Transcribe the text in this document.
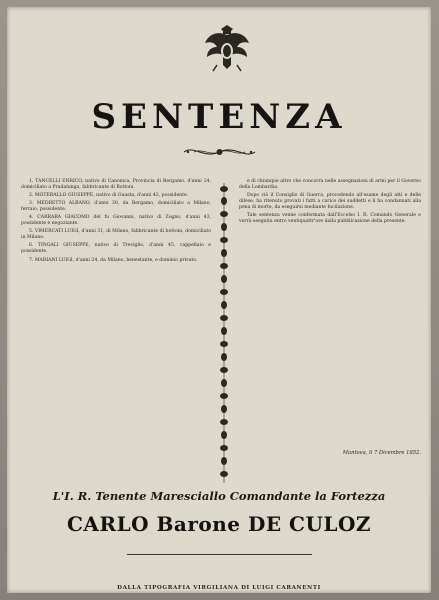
SENTENZA

1. TANCELLI ENRICO, nativo di Canonica, Provincia di Bergamo, d'anni 24, domiciliato a Pradalunga, fabbricante di Bottoni.

2. MOTERALLO GIUSEPPE, nativo di Guasta, d'anni 42, possidente.

3. MEDRETTO ALBANO, d'anni 30, da Bergamo, domiciliato a Milano, ferraio, possidente.

4. CARRARA GIACOMO del fu Giovanni, nativo di Zogno, d'anni 43, possidente e negoziante.

5. VIMERCATI LUIGI, d'anni 31, di Milano, fabbricante di bottoni, domiciliato in Milano.

6. TINGALI GIUSEPPE, nativo di Treviglio, d'anni 45, cappellaio e possidente.

7. MARIANI LUIGI, d'anni 24, da Milano, benestante, e dominio privato.

e di chiunque altro che concorra nelle assegnazioni di armi per il Governo della Lombardia.

Dopo ciò il Consiglio di Guerra, procedendo all'esame degli atti e delle difese, ha ritenuto provati i fatti a carico dei suddetti e li ha condannati alla pena di morte, da eseguirsi mediante fucilazione.

Tale sentenza venne confermata dall'Eccelso I. R. Comando Generale e verrà eseguita entro ventiquattr'ore dalla pubblicazione della presente.

Mantova, li 7 Dicembre 1852.
L'I. R. Tenente Maresciallo Comandante la Fortezza
CARLO Barone DE CULOZ
DALLA TIPOGRAFIA VIRGILIANA DI LUIGI CARANENTI
